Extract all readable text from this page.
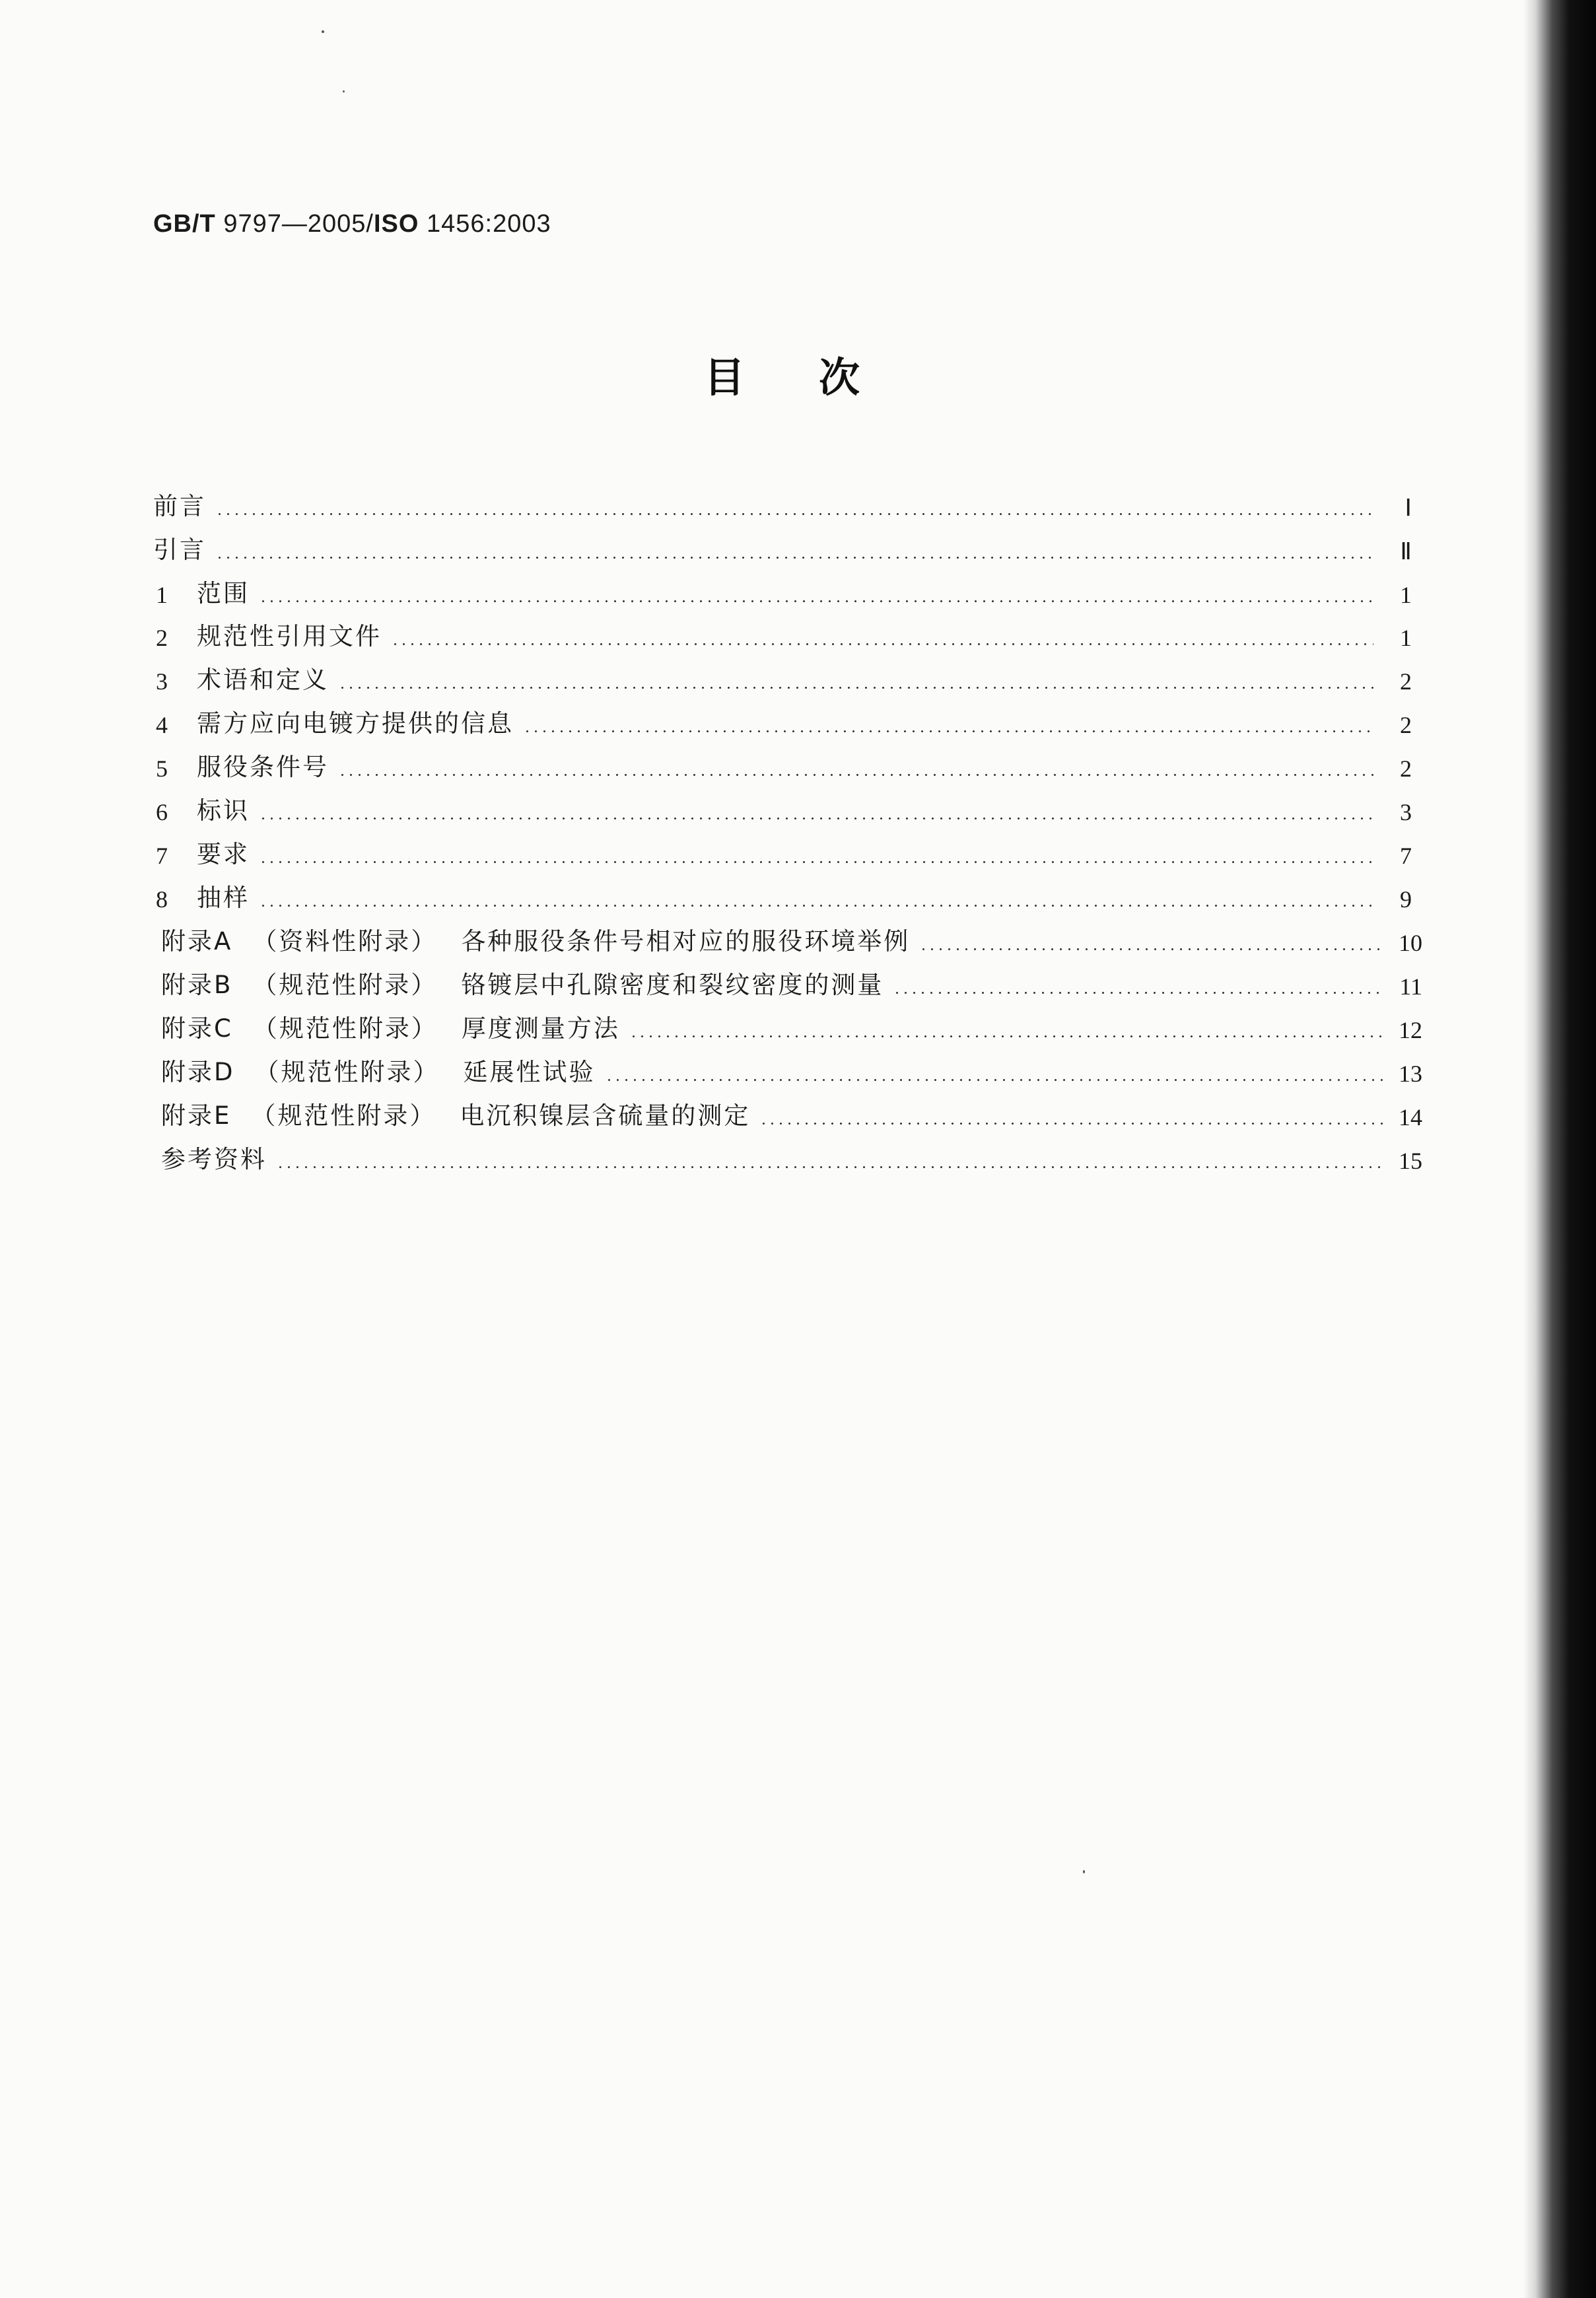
GB/T 9797—2005/ISO 1456:2003
目次
前言	Ⅰ
引言	Ⅱ
1	范围	1
2	规范性引用文件	1
3	术语和定义	2
4	需方应向电镀方提供的信息	2
5	服役条件号	2
6	标识	3
7	要求	7
8	抽样	9
附录A （资料性附录） 各种服役条件号相对应的服役环境举例	10
附录B （规范性附录） 铬镀层中孔隙密度和裂纹密度的测量	11
附录C （规范性附录） 厚度测量方法	12
附录D （规范性附录） 延展性试验	13
附录E （规范性附录） 电沉积镍层含硫量的测定	14
参考资料	15
